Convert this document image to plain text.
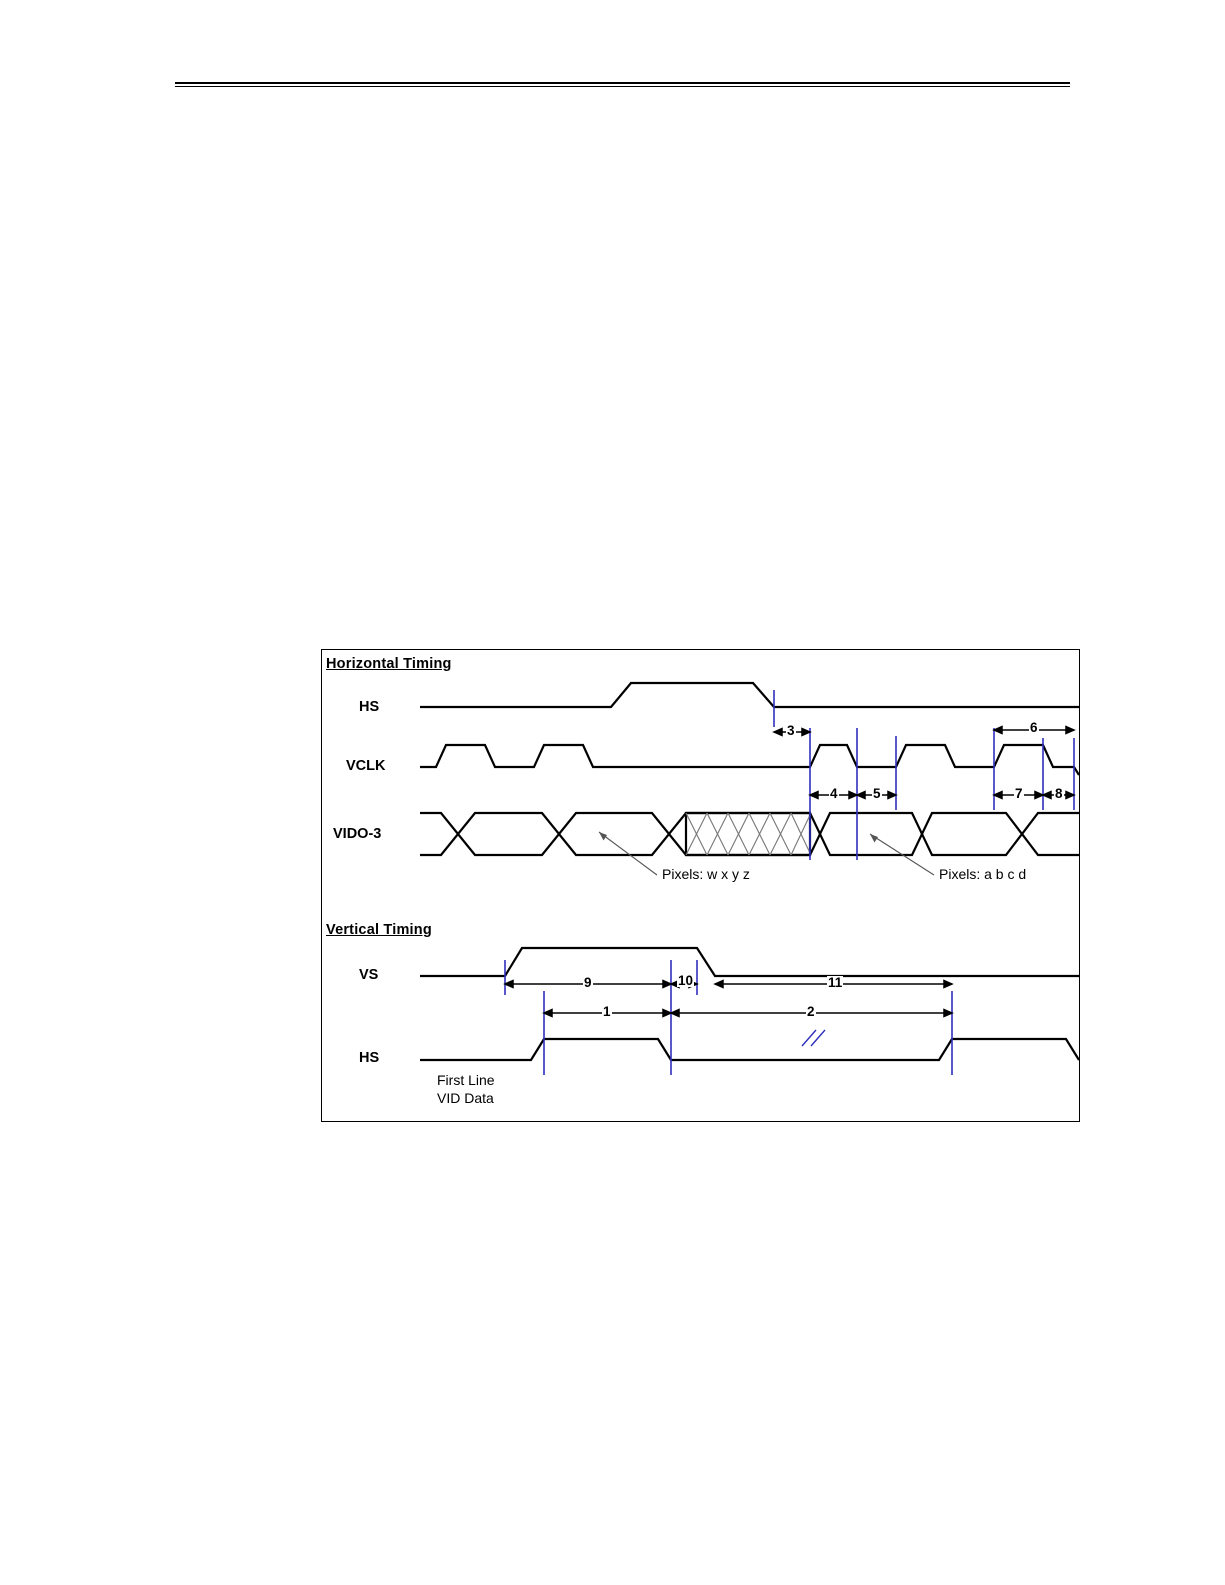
Horizontal Timing
Vertical Timing
HS
VCLK
VIDO-3
VS
HS
3	6
4	5	7 8
9	10	11
1	2
Pixels: w x y z	Pixels: a b c d
First Line
VID Data
